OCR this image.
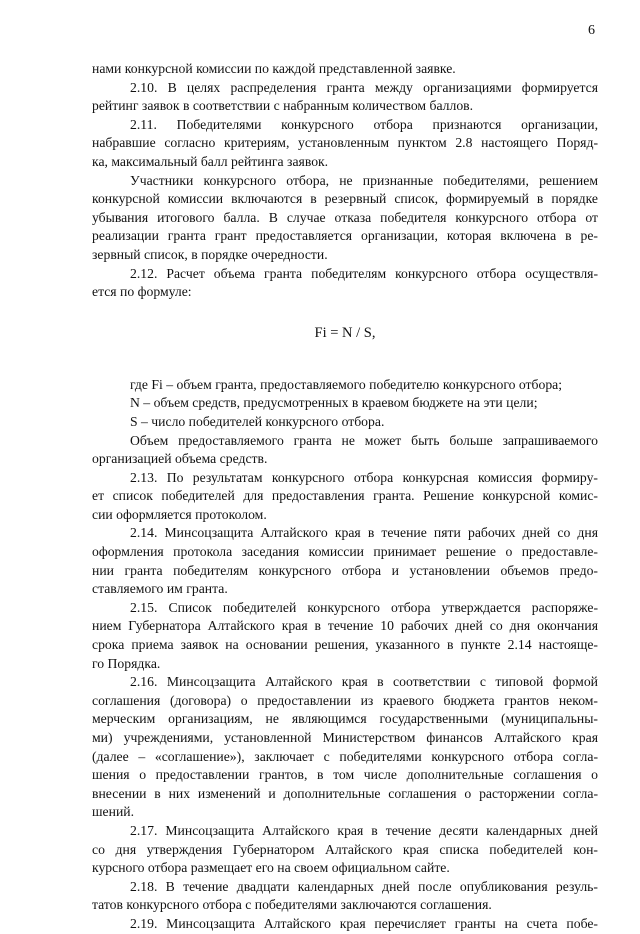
6
нами конкурсной комиссии по каждой представленной заявке.
2.10. В целях распределения гранта между организациями формируется
рейтинг заявок в соответствии с набранным количеством баллов.
2.11. Победителями конкурсного отбора признаются организации,
набравшие согласно критериям, установленным пунктом 2.8 настоящего Поряд-
ка, максимальный балл рейтинга заявок.
Участники конкурсного отбора, не признанные победителями, решением
конкурсной комиссии включаются в резервный список, формируемый в порядке
убывания итогового балла. В случае отказа победителя конкурсного отбора от
реализации гранта грант предоставляется организации, которая включена в ре-
зервный список, в порядке очередности.
2.12. Расчет объема гранта победителям конкурсного отбора осуществля-
ется по формуле:
Fi = N / S,
где Fi – объем гранта, предоставляемого победителю конкурсного отбора;
N – объем средств, предусмотренных в краевом бюджете на эти цели;
S – число победителей конкурсного отбора.
Объем предоставляемого гранта не может быть больше запрашиваемого
организацией объема средств.
2.13. По результатам конкурсного отбора конкурсная комиссия формиру-
ет список победителей для предоставления гранта. Решение конкурсной комис-
сии оформляется протоколом.
2.14. Минсоцзащита Алтайского края в течение пяти рабочих дней со дня
оформления протокола заседания комиссии принимает решение о предоставле-
нии гранта победителям конкурсного отбора и установлении объемов предо-
ставляемого им гранта.
2.15. Список победителей конкурсного отбора утверждается распоряже-
нием Губернатора Алтайского края в течение 10 рабочих дней со дня окончания
срока приема заявок на основании решения, указанного в пункте 2.14 настояще-
го Порядка.
2.16. Минсоцзащита Алтайского края в соответствии с типовой формой
соглашения (договора) о предоставлении из краевого бюджета грантов неком-
мерческим организациям, не являющимся государственными (муниципальны-
ми) учреждениями, установленной Министерством финансов Алтайского края
(далее – «соглашение»), заключает с победителями конкурсного отбора согла-
шения о предоставлении грантов, в том числе дополнительные соглашения о
внесении в них изменений и дополнительные соглашения о расторжении согла-
шений.
2.17. Минсоцзащита Алтайского края в течение десяти календарных дней
со дня утверждения Губернатором Алтайского края списка победителей кон-
курсного отбора размещает его на своем официальном сайте.
2.18. В течение двадцати календарных дней после опубликования резуль-
татов конкурсного отбора с победителями заключаются соглашения.
2.19. Минсоцзащита Алтайского края перечисляет гранты на счета побе-
